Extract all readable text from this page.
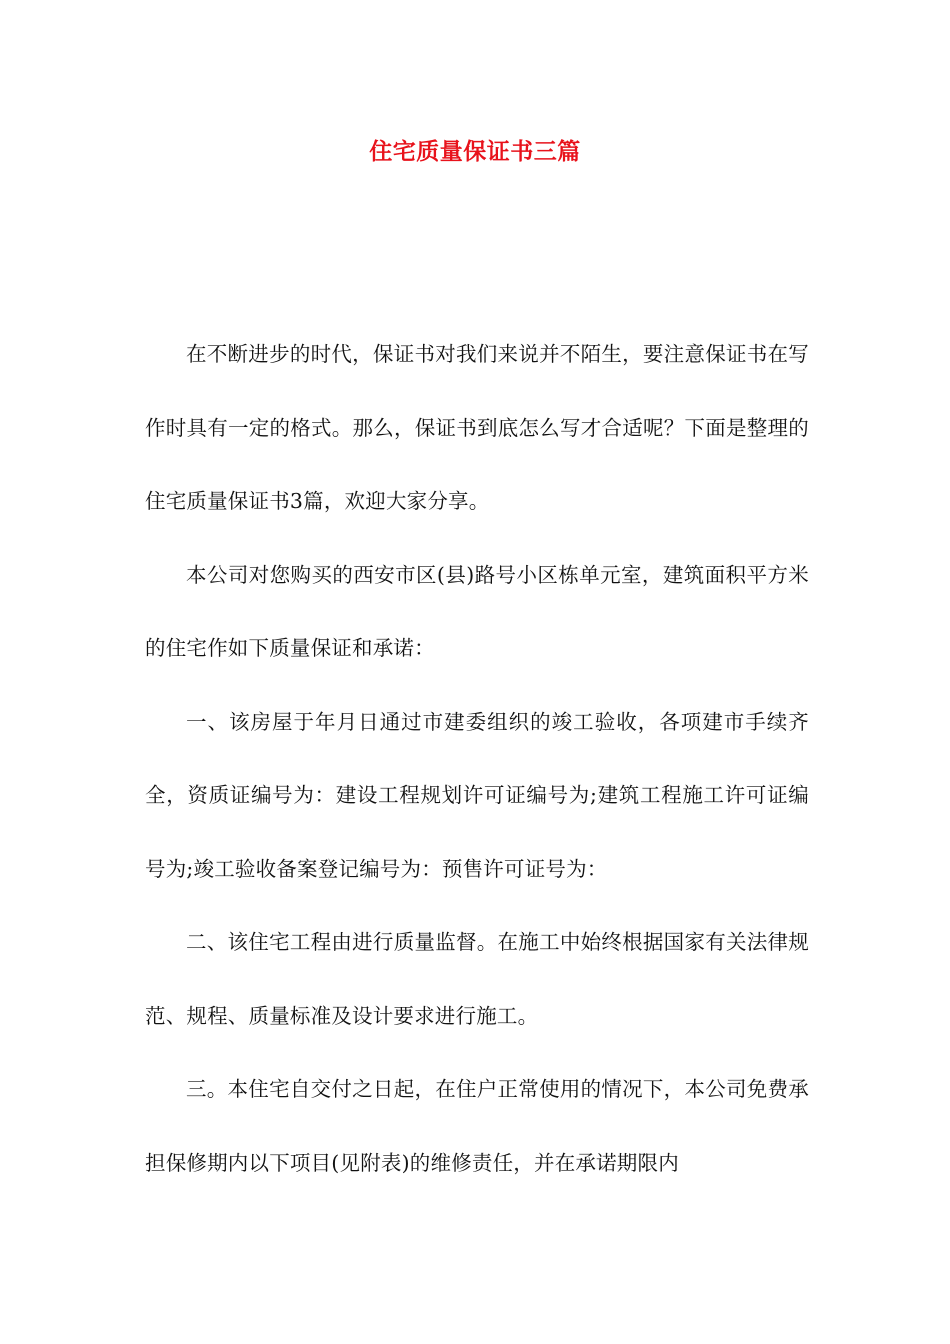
住宅质量保证书三篇

在不断进步的时代，保证书对我们来说并不陌生，要注意保证书在写作时具有一定的格式。那么，保证书到底怎么写才合适呢？下面是整理的住宅质量保证书3篇，欢迎大家分享。

本公司对您购买的西安市区(县)路号小区栋单元室，建筑面积平方米的住宅作如下质量保证和承诺：

一、该房屋于年月日通过市建委组织的竣工验收，各项建市手续齐全，资质证编号为：建设工程规划许可证编号为;建筑工程施工许可证编号为;竣工验收备案登记编号为：预售许可证号为：

二、该住宅工程由进行质量监督。在施工中始终根据国家有关法律规范、规程、质量标准及设计要求进行施工。

三。本住宅自交付之日起，在住户正常使用的情况下，本公司免费承担保修期内以下项目(见附表)的维修责任，并在承诺期限内
